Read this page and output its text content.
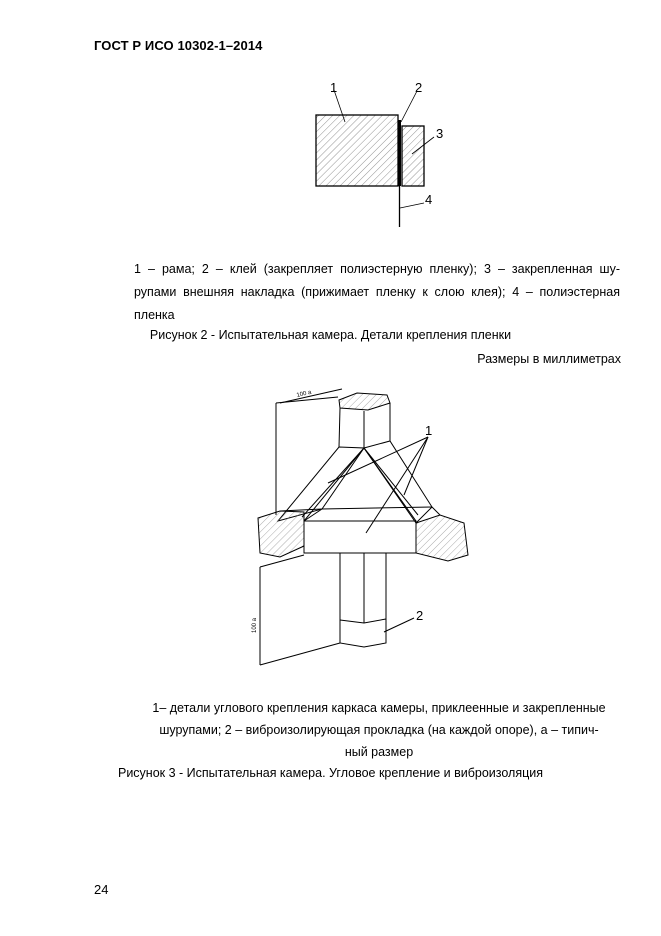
ГОСТ Р ИСО 10302-1–2014
1	2
3
4
1 – рама; 2 – клей (закрепляет полиэстерную пленку); 3 – закрепленная шу-
рупами внешняя накладка (прижимает пленку к слою клея); 4 – полиэстерная
пленка
Рисунок 2 - Испытательная камера. Детали крепления пленки
Размеры в миллиметрах
1
2
100 a
100 a
1– детали углового крепления каркаса камеры, приклеенные и закрепленные
шурупами; 2 – виброизолирующая прокладка (на каждой опоре), а – типич-
ный размер
Рисунок 3 - Испытательная камера. Угловое крепление и виброизоляция
24
